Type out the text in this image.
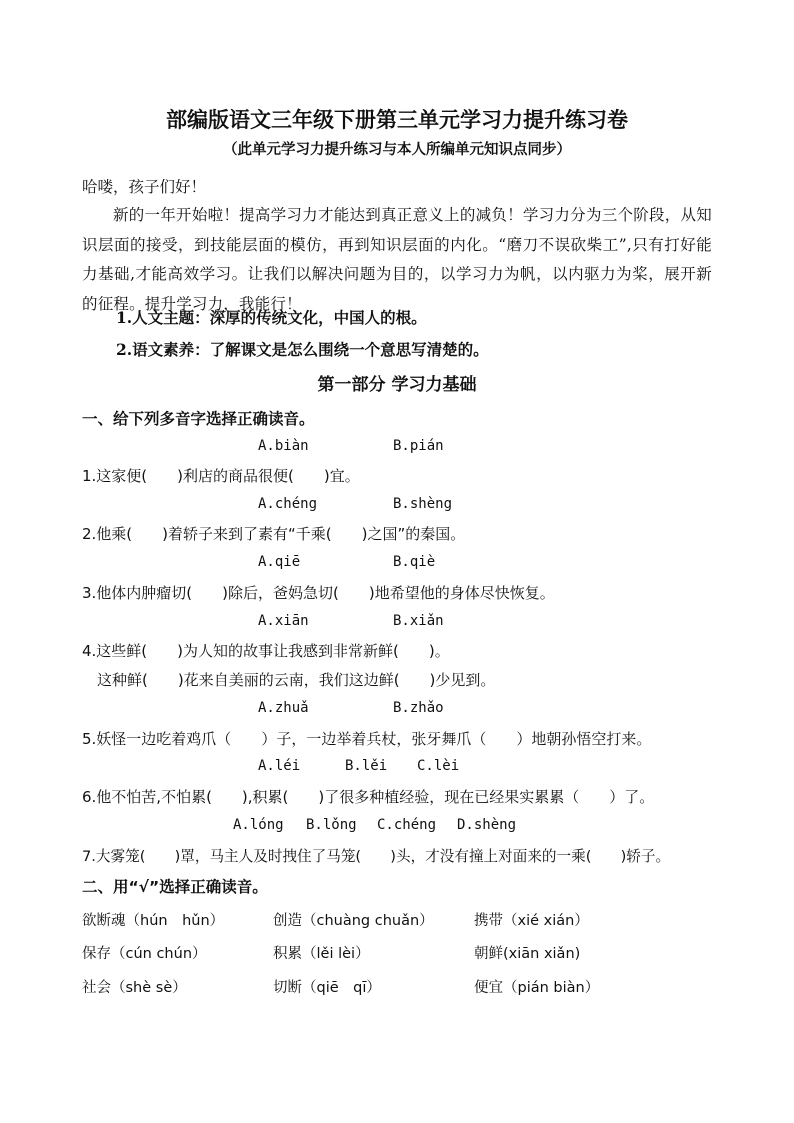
部编版语文三年级下册第三单元学习力提升练习卷
（此单元学习力提升练习与本人所编单元知识点同步）
哈喽，孩子们好！

新的一年开始啦！提高学习力才能达到真正意义上的减负！学习力分为三个阶段，从知识层面的接受，到技能层面的模仿，再到知识层面的内化。“磨刀不误砍柴工”,只有打好能力基础,才能高效学习。让我们以解决问题为目的，以学习力为帆，以内驱力为桨，展开新的征程。提升学习力，我能行！

1.人文主题：深厚的传统文化，中国人的根。
2.语文素养：了解课文是怎么围绕一个意思写清楚的。
第一部分 学习力基础
一、给下列多音字选择正确读音。
A.biàn	B.pián
1.这家便(　　)利店的商品很便(　　)宜。
A.chéng	B.shèng
2.他乘(　　)着轿子来到了素有“千乘(　　)之国”的秦国。
A.qiē	B.qiè
3.他体内肿瘤切(　　)除后，爸妈急切(　　)地希望他的身体尽快恢复。
A.xiān	B.xiǎn
4.这些鲜(　　)为人知的故事让我感到非常新鲜(　　)。
这种鲜(　　)花来自美丽的云南，我们这边鲜(　　)少见到。
A.zhuǎ	B.zhǎo
5.妖怪一边吃着鸡爪（　　）子，一边举着兵杖，张牙舞爪（　　）地朝孙悟空打来。
A.léi	B.lěi C.lèi
6.他不怕苦,不怕累(　　),积累(　　)了很多种植经验，现在已经果实累累（　　）了。
A.lóng B.lǒng C.chéng D.shèng
7.大雾笼(　　)罩，马主人及时拽住了马笼(　　)头，才没有撞上对面来的一乘(　　)轿子。
二、用“√”选择正确读音。
欲断魂（hún　hǔn）	创造（chuàng chuǎn）	携带（xié xián）
保存（cún chún）	积累（lěi lèi）	朝鲜(xiān xiǎn)
社会（shè sè）	切断（qiē　qī）	便宜（pián biàn）
